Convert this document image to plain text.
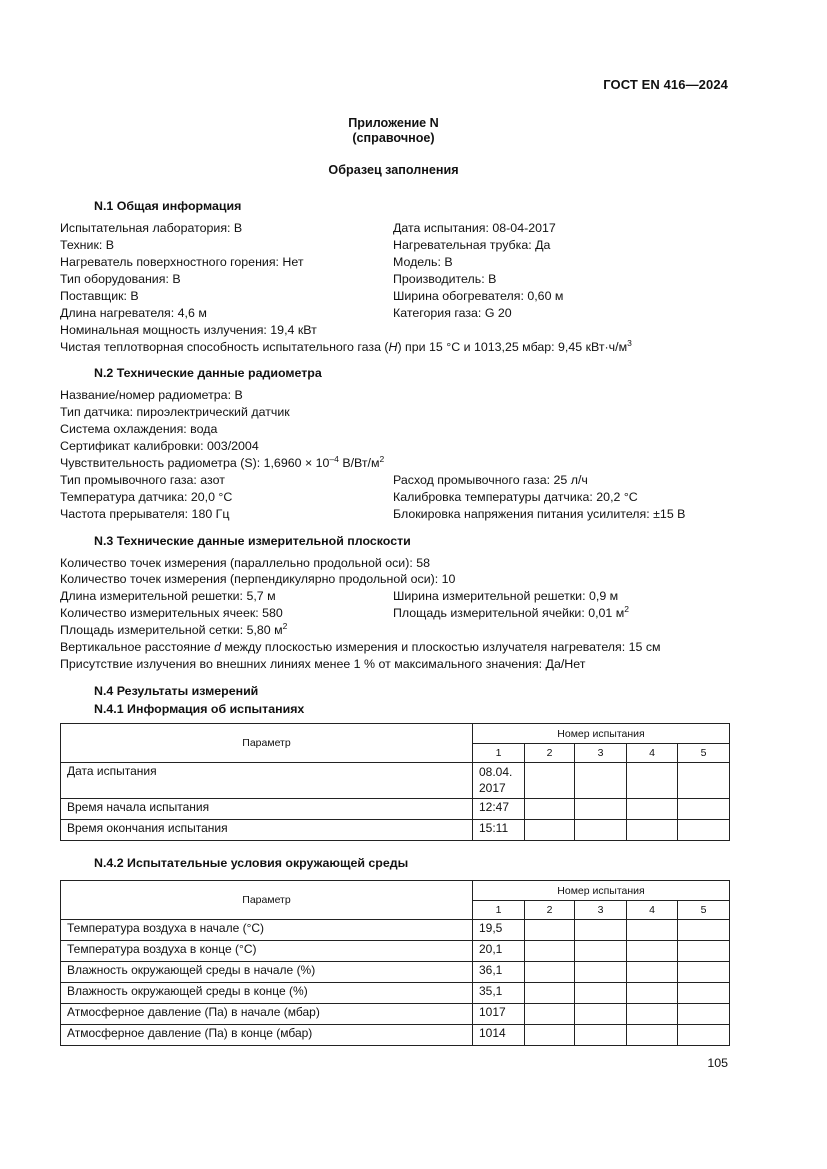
ГОСТ EN 416—2024
Приложение N
(справочное)
Образец заполнения
N.1 Общая информация
Испытательная лаборатория: B	Дата испытания: 08-04-2017
Техник: B	Нагревательная трубка: Да
Нагреватель поверхностного горения: Нет	Модель: B
Тип оборудования: B	Производитель: B
Поставщик: B	Ширина обогревателя: 0,60 м
Длина нагревателя: 4,6 м	Категория газа: G 20
Номинальная мощность излучения: 19,4 кВт
Чистая теплотворная способность испытательного газа (H) при 15 °С и 1013,25 мбар: 9,45 $кВт\cdot ч/м^3$
N.2 Технические данные радиометра
Название/номер радиометра: B
Тип датчика: пироэлектрический датчик
Система охлаждения: вода
Сертификат калибровки: 003/2004
Чувствительность радиометра (S): $1,6960 \times 10^{-4}$ $В/Вт/м^2$
Тип промывочного газа: азот	Расход промывочного газа: 25 л/ч
Температура датчика: 20,0 °С	Калибровка температуры датчика: 20,2 °С
Частота прерывателя: 180 Гц	Блокировка напряжения питания усилителя: ±15 В
N.3 Технические данные измерительной плоскости
Количество точек измерения (параллельно продольной оси): 58
Количество точек измерения (перпендикулярно продольной оси): 10
Длина измерительной решетки: 5,7 м	Ширина измерительной решетки: 0,9 м
Количество измерительных ячеек: 580	Площадь измерительной ячейки: 0,01 $м^2$
Площадь измерительной сетки: 5,80 $м^2$
Вертикальное расстояние d между плоскостью измерения и плоскостью излучателя нагревателя: 15 см
Присутствие излучения во внешних линиях менее 1 % от максимального значения: Да/Нет
N.4 Результаты измерений
N.4.1 Информация об испытаниях
Параметр	Номер испытания				
	1	2	3	4	5
Дата испытания	08.04.
2017				
Время начала испытания	12:47				
Время окончания испытания	15:11				
N.4.2 Испытательные условия окружающей среды
Параметр	Номер испытания				
	1	2	3	4	5
Температура воздуха в начале (°С)	19,5				
Температура воздуха в конце (°С)	20,1				
Влажность окружающей среды в начале (%)	36,1				
Влажность окружающей среды в конце (%)	35,1				
Атмосферное давление (Па) в начале (мбар)	1017				
Атмосферное давление (Па) в конце (мбар)	1014				
105
